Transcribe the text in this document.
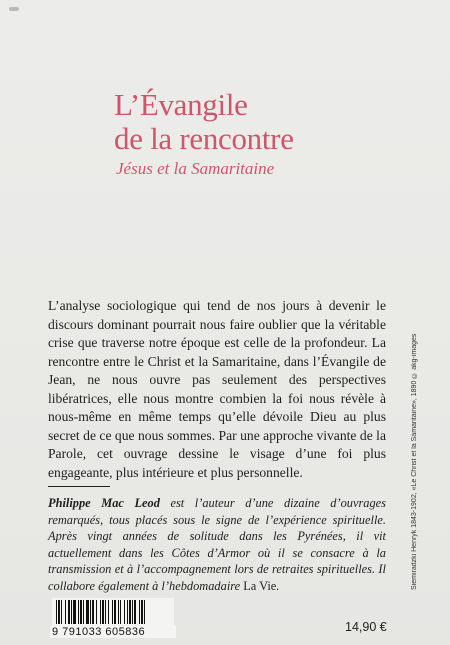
L’Évangile
de la rencontre

Jésus et la Samaritaine

L’analyse sociologique qui tend de nos jours à devenir le discours dominant pourrait nous faire oublier que la véritable crise que traverse notre époque est celle de la profondeur. La rencontre entre le Christ et la Samaritaine, dans l’Évangile de Jean, ne nous ouvre pas seulement des perspectives libératrices, elle nous montre combien la foi nous révèle à nous-même en même temps qu’elle dévoile Dieu au plus secret de ce que nous sommes. Par une approche vivante de la Parole, cet ouvrage dessine le visage d’une foi plus engageante, plus intérieure et plus personnelle.

Philippe Mac Leod est l’auteur d’une dizaine d’ouvrages remarqués, tous placés sous le signe de l’expérience spirituelle. Après vingt années de solitude dans les Pyrénées, il vit actuellement dans les Côtes d’Armor où il se consacre à la transmission et à l’accompagnement lors de retraites spirituelles. Il collabore également à l’hebdomadaire La Vie.	Siemiradzki Henryk 1843-1902, «Le Christ et la Samaritaine», 1890 © akg-images
9 791033 605836	14,90 €
